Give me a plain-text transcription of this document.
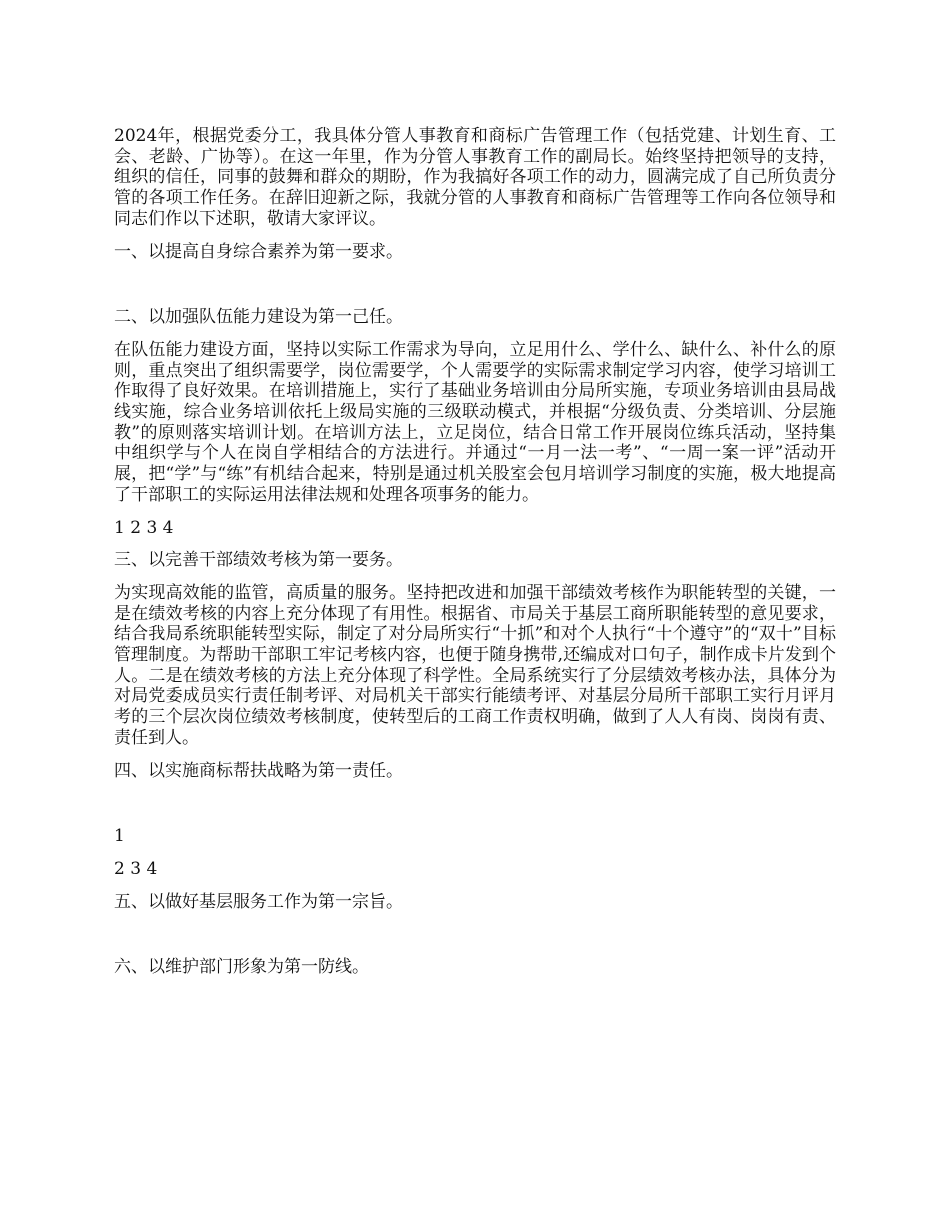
2024年，根据党委分工，我具体分管人事教育和商标广告管理工作（包括党建、计划生育、工会、老龄、广协等）。在这一年里，作为分管人事教育工作的副局长。始终坚持把领导的支持，组织的信任，同事的鼓舞和群众的期盼，作为我搞好各项工作的动力，圆满完成了自己所负责分管的各项工作任务。在辞旧迎新之际，我就分管的人事教育和商标广告管理等工作向各位领导和同志们作以下述职，敬请大家评议。

一、以提高自身综合素养为第一要求。

二、以加强队伍能力建设为第一己任。

在队伍能力建设方面，坚持以实际工作需求为导向，立足用什么、学什么、缺什么、补什么的原则，重点突出了组织需要学，岗位需要学，个人需要学的实际需求制定学习内容，使学习培训工作取得了良好效果。在培训措施上，实行了基础业务培训由分局所实施，专项业务培训由县局战线实施，综合业务培训依托上级局实施的三级联动模式，并根据“分级负责、分类培训、分层施教”的原则落实培训计划。在培训方法上，立足岗位，结合日常工作开展岗位练兵活动，坚持集中组织学与个人在岗自学相结合的方法进行。并通过“一月一法一考”、“一周一案一评”活动开展，把“学”与“练”有机结合起来，特别是通过机关股室会包月培训学习制度的实施，极大地提高了干部职工的实际运用法律法规和处理各项事务的能力。

1 2 3 4

三、以完善干部绩效考核为第一要务。

为实现高效能的监管，高质量的服务。坚持把改进和加强干部绩效考核作为职能转型的关键，一是在绩效考核的内容上充分体现了有用性。根据省、市局关于基层工商所职能转型的意见要求，结合我局系统职能转型实际，制定了对分局所实行“十抓”和对个人执行“十个遵守”的“双十”目标管理制度。为帮助干部职工牢记考核内容，也便于随身携带,还编成对口句子，制作成卡片发到个人。二是在绩效考核的方法上充分体现了科学性。全局系统实行了分层绩效考核办法，具体分为对局党委成员实行责任制考评、对局机关干部实行能绩考评、对基层分局所干部职工实行月评月考的三个层次岗位绩效考核制度，使转型后的工商工作责权明确，做到了人人有岗、岗岗有责、责任到人。

四、以实施商标帮扶战略为第一责任。

1

2 3 4

五、以做好基层服务工作为第一宗旨。

六、以维护部门形象为第一防线。
